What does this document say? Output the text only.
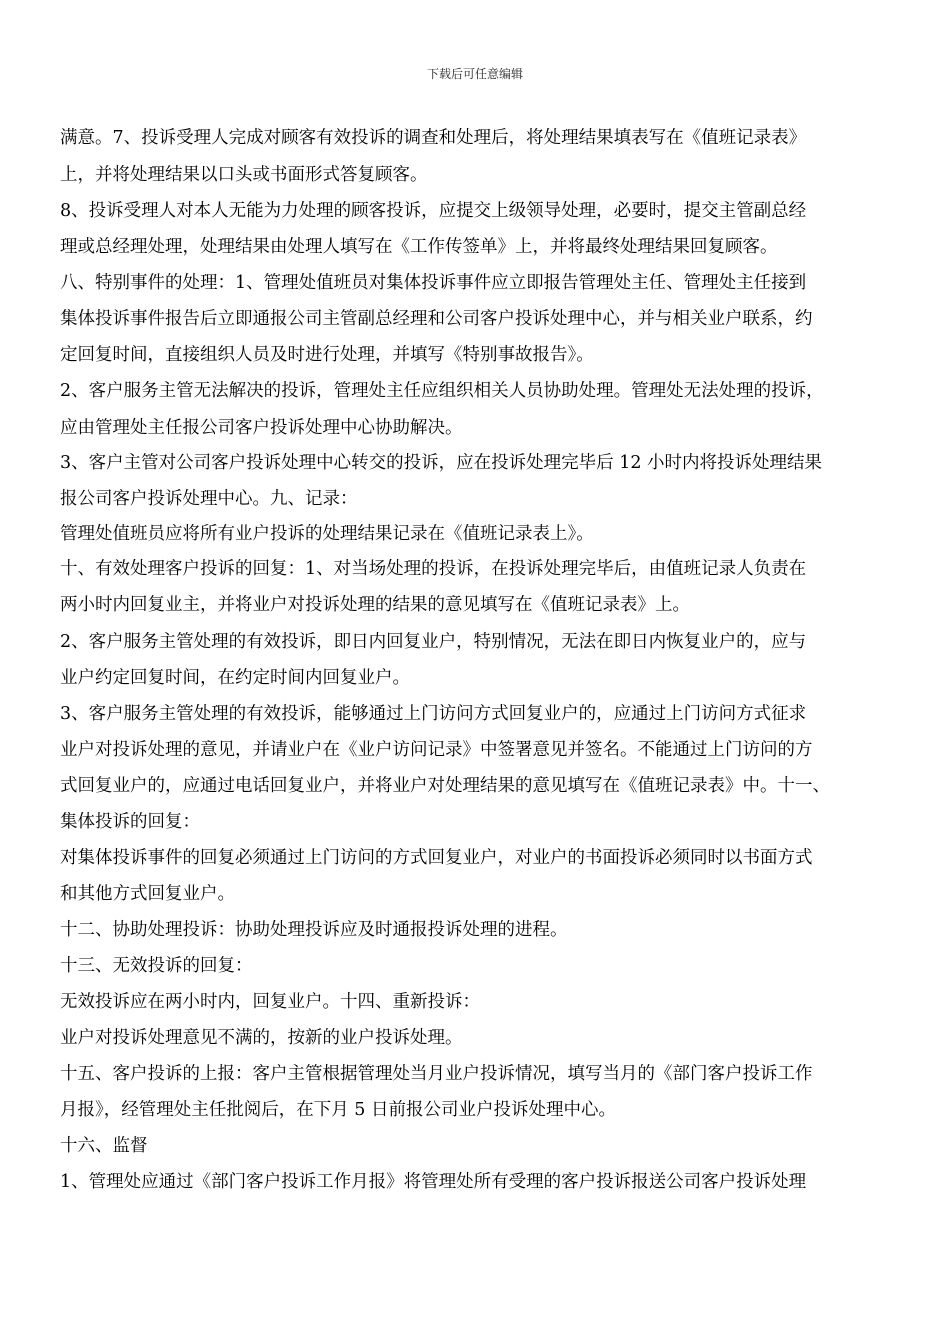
下载后可任意编辑
满意。7、投诉受理人完成对顾客有效投诉的调查和处理后，将处理结果填表写在《值班记录表》
上，并将处理结果以口头或书面形式答复顾客。
8、投诉受理人对本人无能为力处理的顾客投诉，应提交上级领导处理，必要时，提交主管副总经
理或总经理处理，处理结果由处理人填写在《工作传签单》上，并将最终处理结果回复顾客。
八、特别事件的处理：1、管理处值班员对集体投诉事件应立即报告管理处主任、管理处主任接到
集体投诉事件报告后立即通报公司主管副总经理和公司客户投诉处理中心，并与相关业户联系，约
定回复时间，直接组织人员及时进行处理，并填写《特别事故报告》。
2、客户服务主管无法解决的投诉，管理处主任应组织相关人员协助处理。管理处无法处理的投诉，
应由管理处主任报公司客户投诉处理中心协助解决。
3、客户主管对公司客户投诉处理中心转交的投诉，应在投诉处理完毕后 12 小时内将投诉处理结果
报公司客户投诉处理中心。九、记录：
管理处值班员应将所有业户投诉的处理结果记录在《值班记录表上》。
十、有效处理客户投诉的回复：1、对当场处理的投诉，在投诉处理完毕后，由值班记录人负责在
两小时内回复业主，并将业户对投诉处理的结果的意见填写在《值班记录表》上。
2、客户服务主管处理的有效投诉，即日内回复业户，特别情况，无法在即日内恢复业户的，应与
业户约定回复时间，在约定时间内回复业户。
3、客户服务主管处理的有效投诉，能够通过上门访问方式回复业户的，应通过上门访问方式征求
业户对投诉处理的意见，并请业户在《业户访问记录》中签署意见并签名。不能通过上门访问的方
式回复业户的，应通过电话回复业户，并将业户对处理结果的意见填写在《值班记录表》中。十一、
集体投诉的回复：
对集体投诉事件的回复必须通过上门访问的方式回复业户，对业户的书面投诉必须同时以书面方式
和其他方式回复业户。
十二、协助处理投诉：协助处理投诉应及时通报投诉处理的进程。
十三、无效投诉的回复：
无效投诉应在两小时内，回复业户。十四、重新投诉：
业户对投诉处理意见不满的，按新的业户投诉处理。
十五、客户投诉的上报：客户主管根据管理处当月业户投诉情况，填写当月的《部门客户投诉工作
月报》，经管理处主任批阅后，在下月 5 日前报公司业户投诉处理中心。
十六、监督
1、管理处应通过《部门客户投诉工作月报》将管理处所有受理的客户投诉报送公司客户投诉处理
